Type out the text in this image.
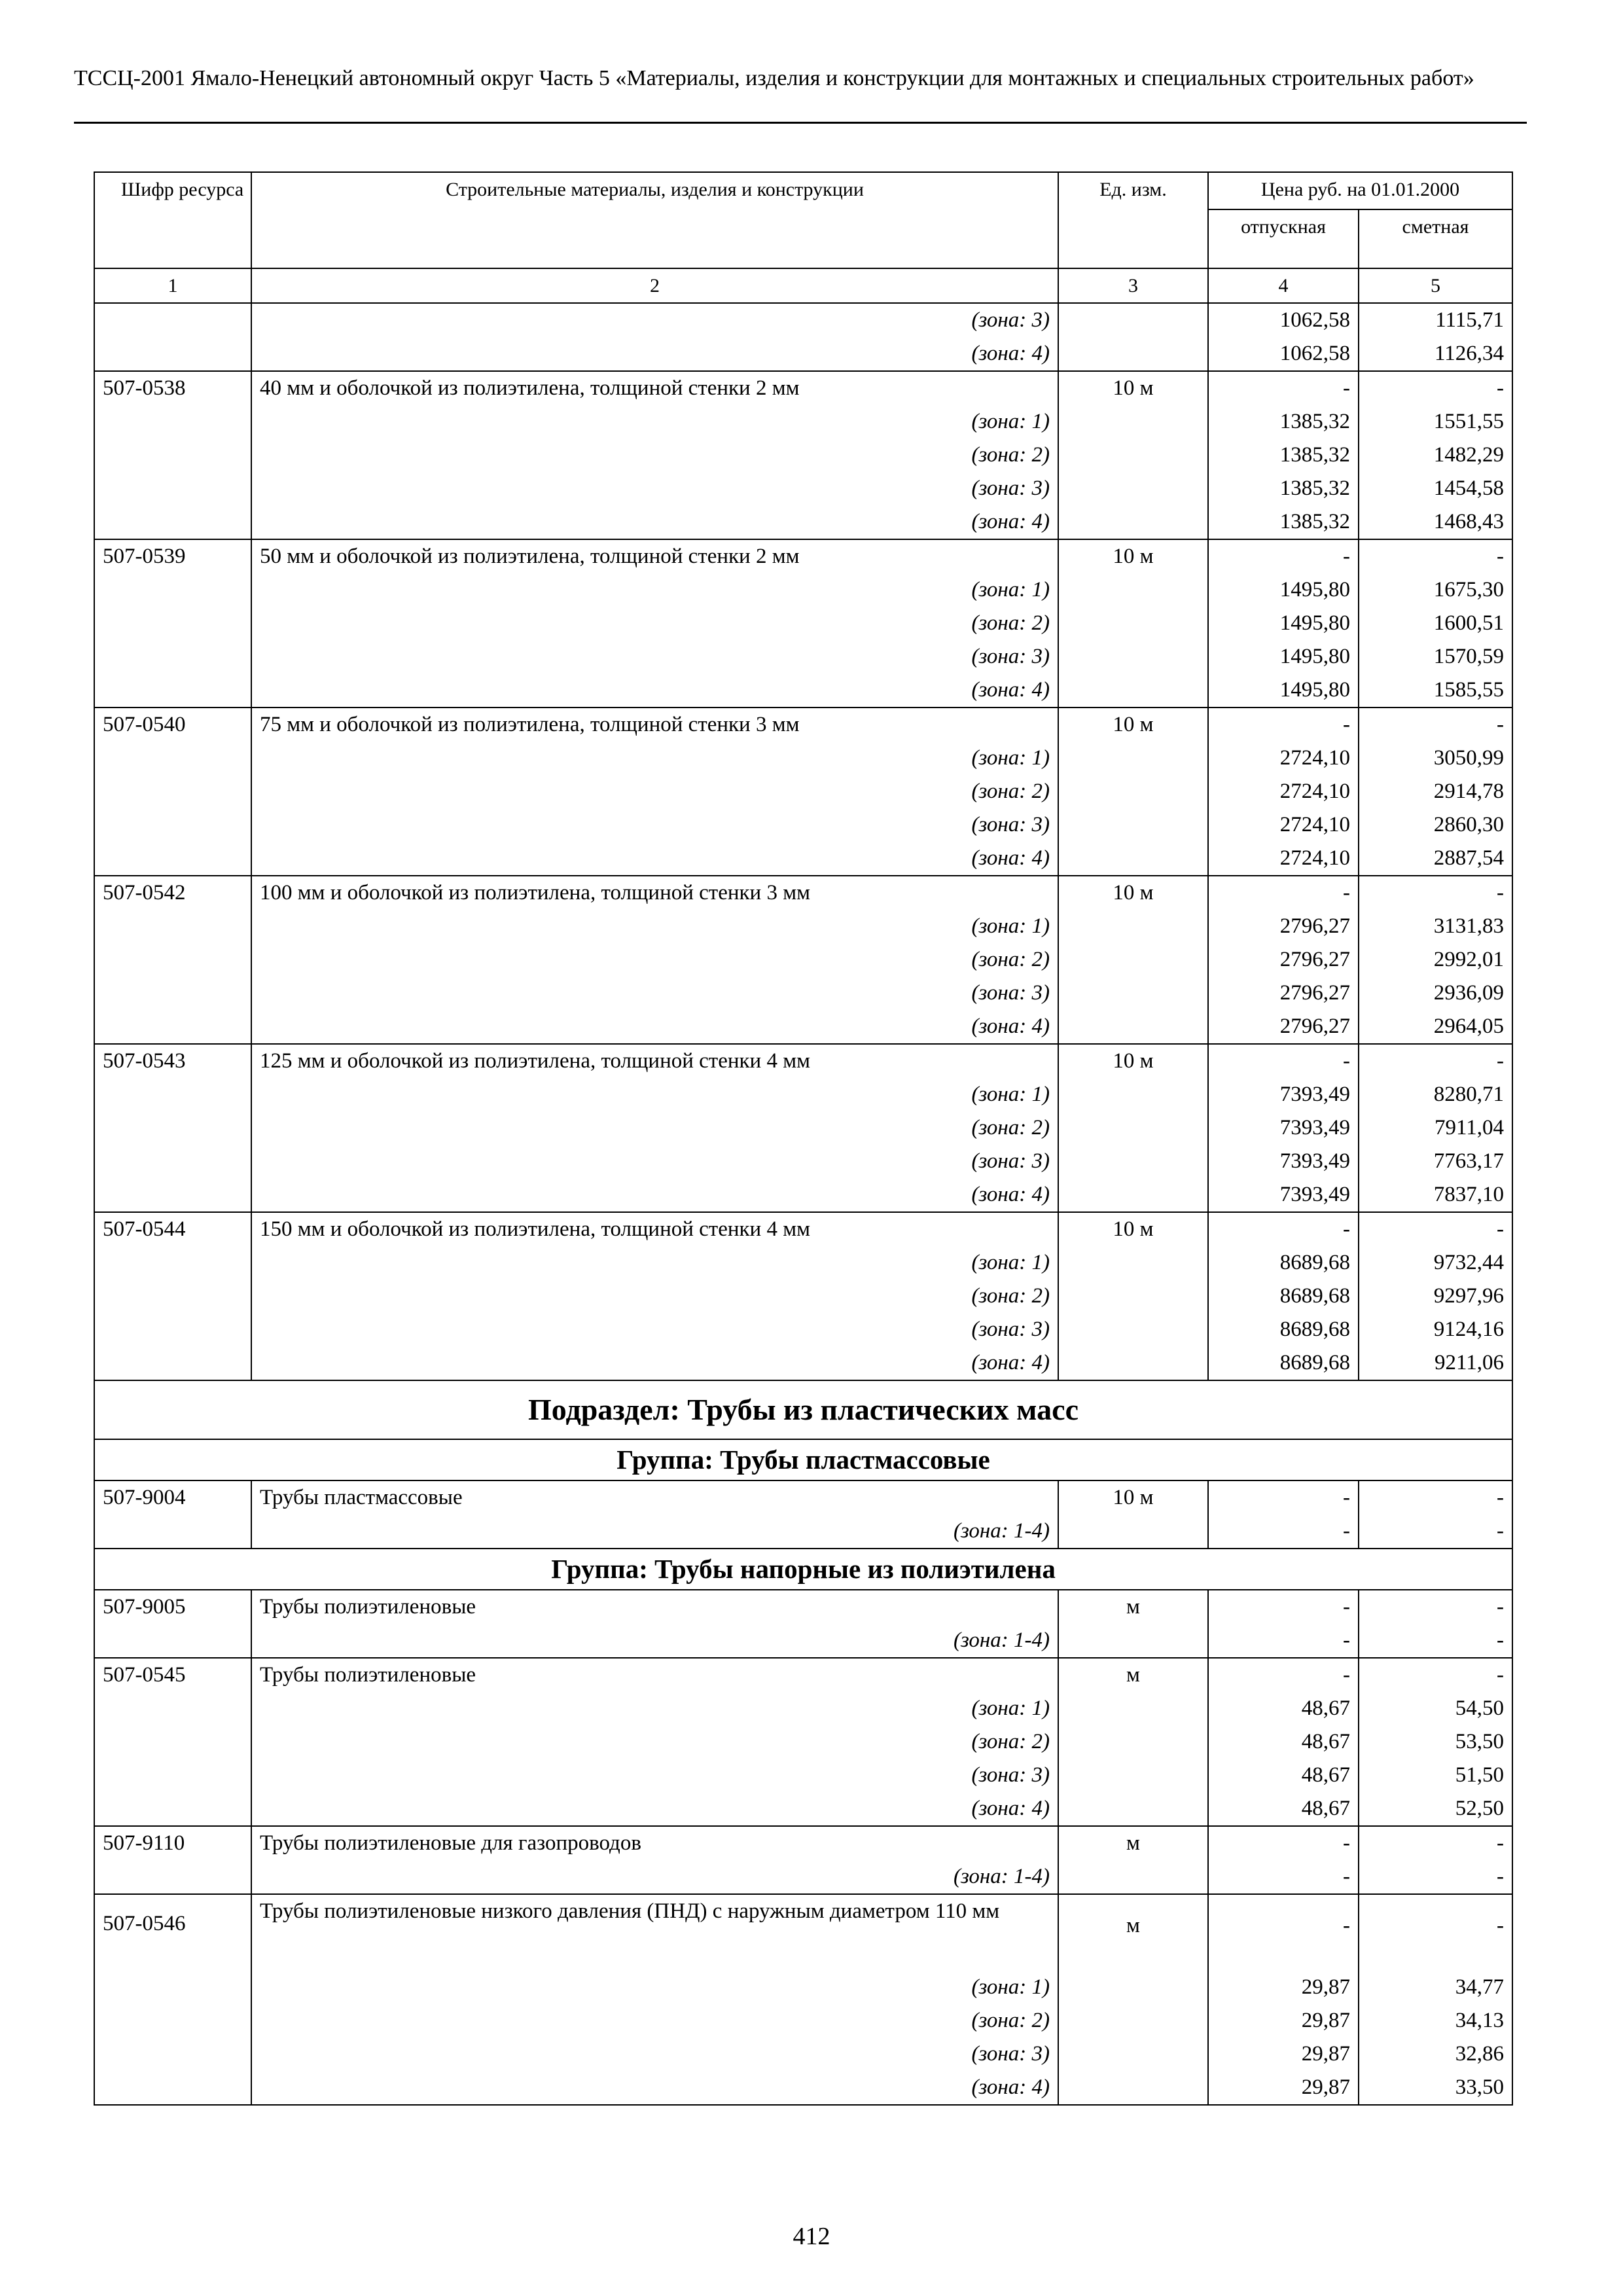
ТССЦ-2001 Ямало-Ненецкий автономный округ Часть 5 «Материалы, изделия и конструкции для монтажных и специальных строительных работ»
Шифр ресурса	Строительные материалы, изделия и конструкции	Ед. изм.	Цена руб. на 01.01.2000	
			отпускная	сметная
1	2	3	4	5
	(зона: 3)		1062,58	1115,71
	(зона: 4)		1062,58	1126,34
507-0538	40 мм и оболочкой из полиэтилена, толщиной стенки 2 мм	10 м	-	-
	(зона: 1)		1385,32	1551,55
	(зона: 2)		1385,32	1482,29
	(зона: 3)		1385,32	1454,58
	(зона: 4)		1385,32	1468,43
507-0539	50 мм и оболочкой из полиэтилена, толщиной стенки 2 мм	10 м	-	-
	(зона: 1)		1495,80	1675,30
	(зона: 2)		1495,80	1600,51
	(зона: 3)		1495,80	1570,59
	(зона: 4)		1495,80	1585,55
507-0540	75 мм и оболочкой из полиэтилена, толщиной стенки 3 мм	10 м	-	-
	(зона: 1)		2724,10	3050,99
	(зона: 2)		2724,10	2914,78
	(зона: 3)		2724,10	2860,30
	(зона: 4)		2724,10	2887,54
507-0542	100 мм и оболочкой из полиэтилена, толщиной стенки 3 мм	10 м	-	-
	(зона: 1)		2796,27	3131,83
	(зона: 2)		2796,27	2992,01
	(зона: 3)		2796,27	2936,09
	(зона: 4)		2796,27	2964,05
507-0543	125 мм и оболочкой из полиэтилена, толщиной стенки 4 мм	10 м	-	-
	(зона: 1)		7393,49	8280,71
	(зона: 2)		7393,49	7911,04
	(зона: 3)		7393,49	7763,17
	(зона: 4)		7393,49	7837,10
507-0544	150 мм и оболочкой из полиэтилена, толщиной стенки 4 мм	10 м	-	-
	(зона: 1)		8689,68	9732,44
	(зона: 2)		8689,68	9297,96
	(зона: 3)		8689,68	9124,16
	(зона: 4)		8689,68	9211,06
Подраздел: Трубы из пластических масс				
Группа: Трубы пластмассовые				
507-9004	Трубы пластмассовые	10 м	-	-
	(зона: 1-4)		-	-
Группа: Трубы напорные из полиэтилена				
507-9005	Трубы полиэтиленовые	м	-	-
	(зона: 1-4)		-	-
507-0545	Трубы полиэтиленовые	м	-	-
	(зона: 1)		48,67	54,50
	(зона: 2)		48,67	53,50
	(зона: 3)		48,67	51,50
	(зона: 4)		48,67	52,50
507-9110	Трубы полиэтиленовые для газопроводов	м	-	-
	(зона: 1-4)		-	-
507-0546	Трубы полиэтиленовые низкого давления (ПНД) с наружным диаметром 110 мм	м	-	-
	(зона: 1)		29,87	34,77
	(зона: 2)		29,87	34,13
	(зона: 3)		29,87	32,86
	(зона: 4)		29,87	33,50
412
